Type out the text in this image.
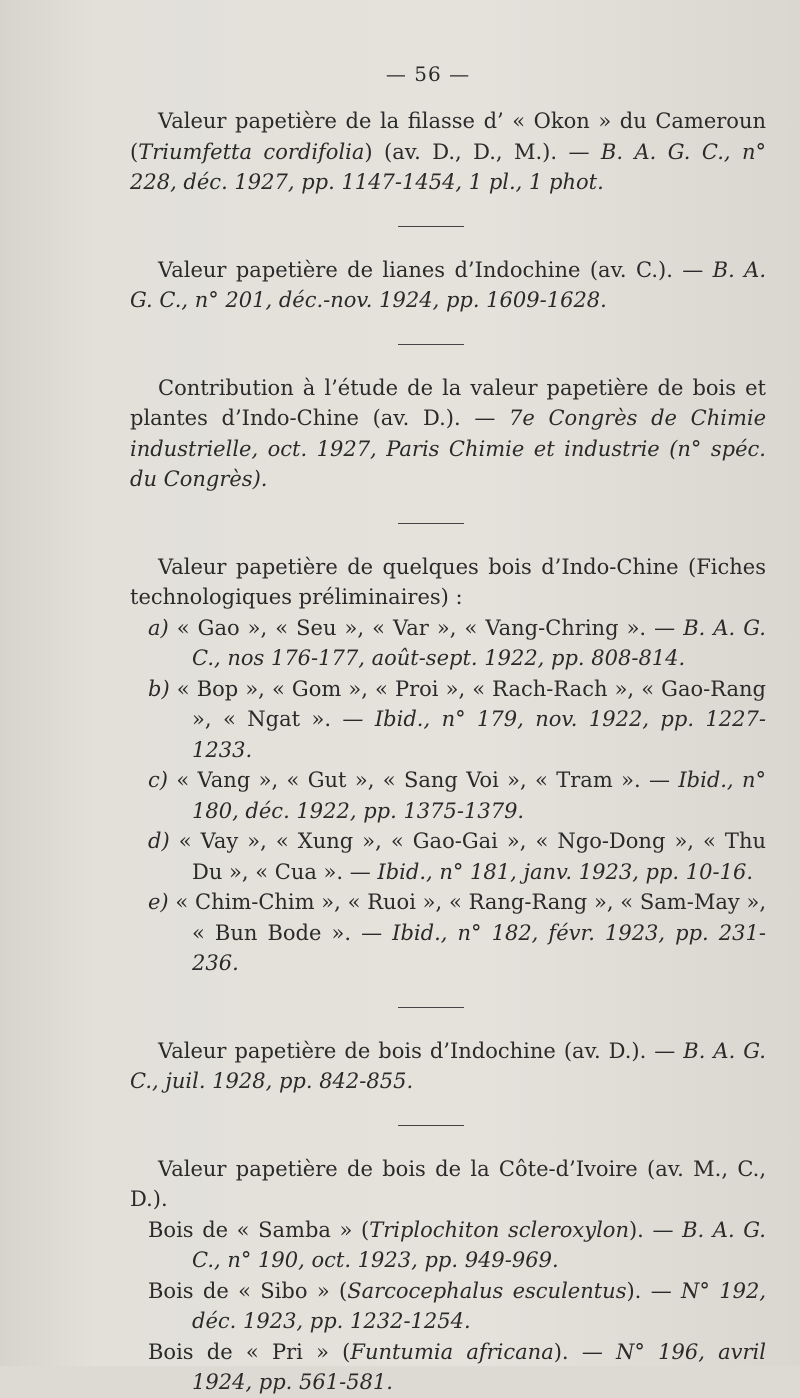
— 56 —

Valeur papetière de la filasse d’ « Okon » du Cameroun (Triumfetta cordifolia) (av. D., D., M.). — B. A. G. C., n° 228, déc. 1927, pp. 1147-1454, 1 pl., 1 phot.

Valeur papetière de lianes d’Indochine (av. C.). — B. A. G. C., n° 201, déc.-nov. 1924, pp. 1609-1628.

Contribution à l’étude de la valeur papetière de bois et plantes d’Indo-Chine (av. D.). — 7e Congrès de Chimie industrielle, oct. 1927, Paris Chimie et industrie (n° spéc. du Congrès).

Valeur papetière de quelques bois d’Indo-Chine (Fiches technologiques préliminaires) :

a) « Gao », « Seu », « Var », « Vang-Chring ». — B. A. G. C., nos 176-177, août-sept. 1922, pp. 808-814.

b) « Bop », « Gom », « Proi », « Rach-Rach », « Gao-Rang », « Ngat ». — Ibid., n° 179, nov. 1922, pp. 1227-1233.

c) « Vang », « Gut », « Sang Voi », « Tram ». — Ibid., n° 180, déc. 1922, pp. 1375-1379.

d) « Vay », « Xung », « Gao-Gai », « Ngo-Dong », « Thu Du », « Cua ». — Ibid., n° 181, janv. 1923, pp. 10-16.

e) « Chim-Chim », « Ruoi », « Rang-Rang », « Sam-May », « Bun Bode ». — Ibid., n° 182, févr. 1923, pp. 231-236.

Valeur papetière de bois d’Indochine (av. D.). — B. A. G. C., juil. 1928, pp. 842-855.

Valeur papetière de bois de la Côte-d’Ivoire (av. M., C., D.).

Bois de « Samba » (Triplochiton scleroxylon). — B. A. G. C., n° 190, oct. 1923, pp. 949-969.

Bois de « Sibo » (Sarcocephalus esculentus). — N° 192, déc. 1923, pp. 1232-1254.

Bois de « Pri » (Funtumia africana). — N° 196, avril 1924, pp. 561-581.
